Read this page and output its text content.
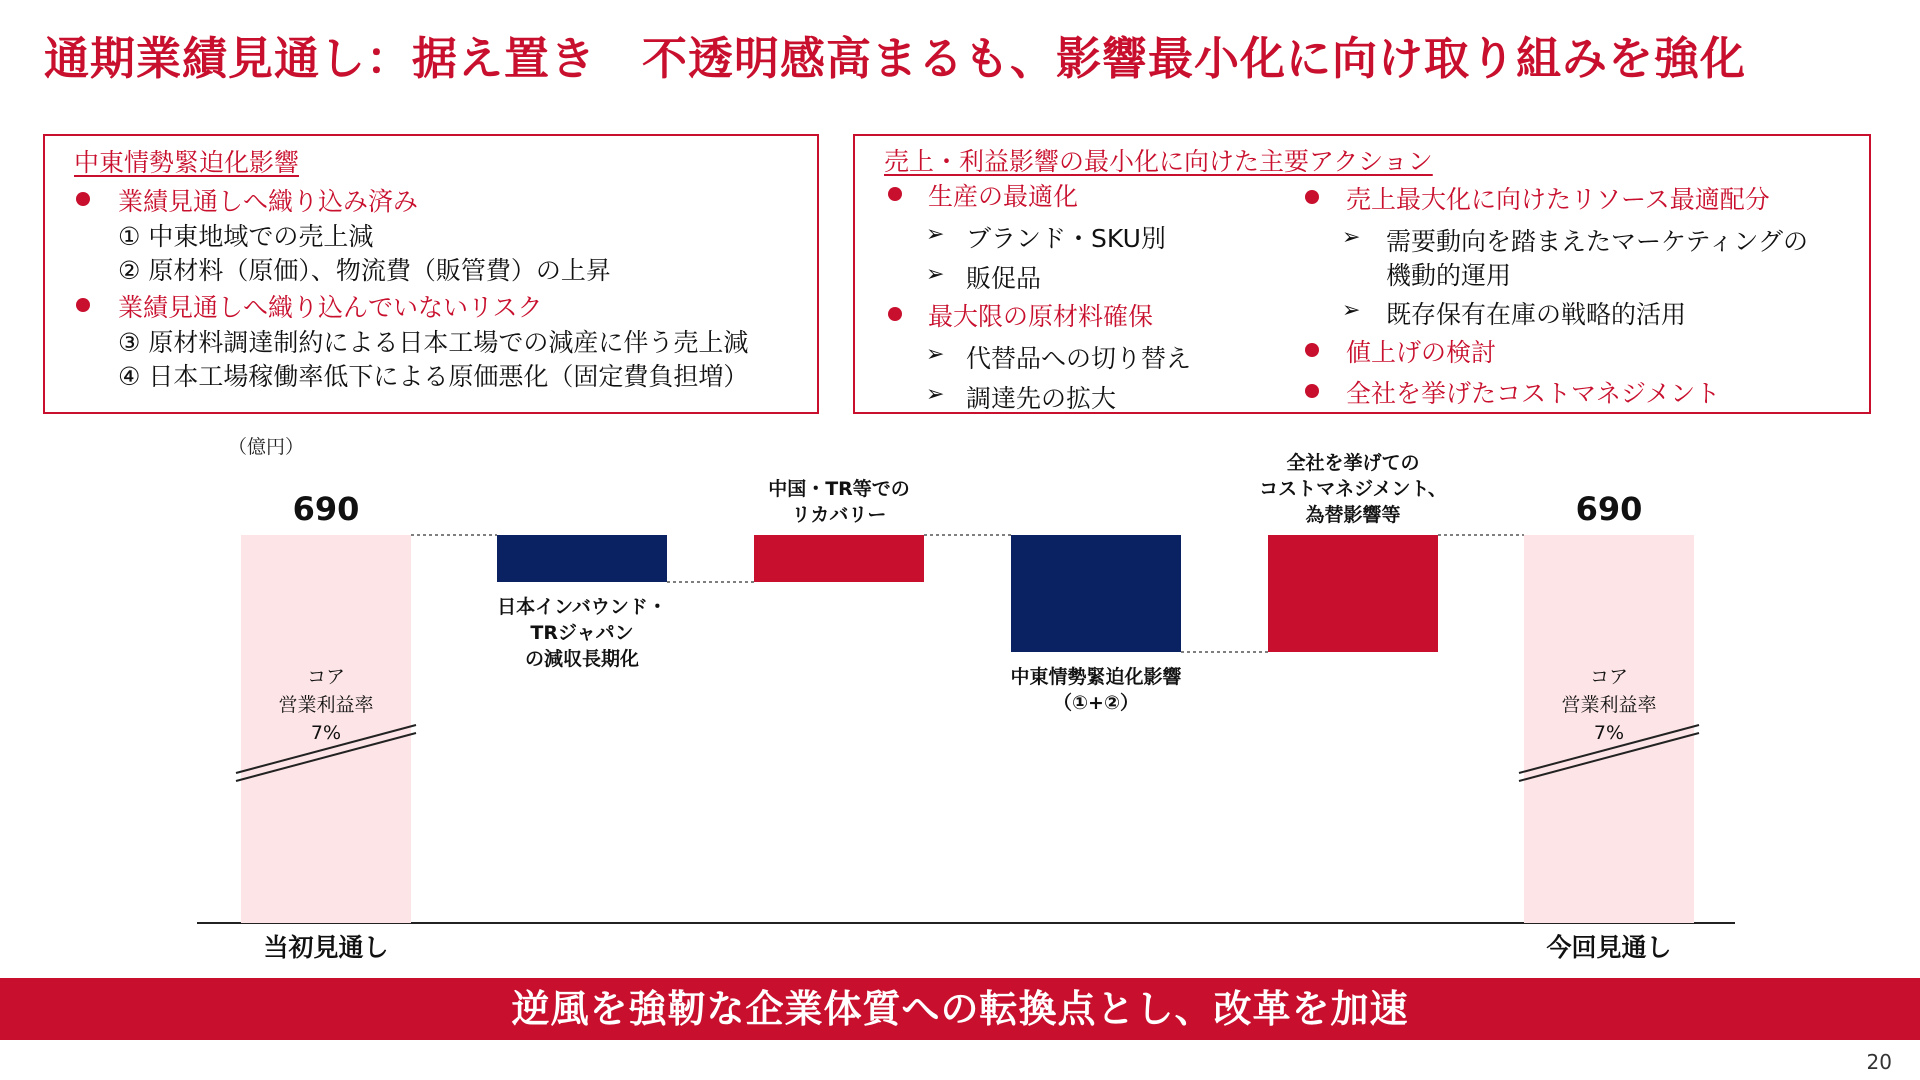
通期業績見通し：据え置き　不透明感高まるも、影響最小化に向け取り組みを強化
中東情勢緊迫化影響
業績見通しへ織り込み済み
① 中東地域での売上減
② 原材料（原価）、物流費（販管費）の上昇
業績見通しへ織り込んでいないリスク
③ 原材料調達制約による日本工場での減産に伴う売上減
④ 日本工場稼働率低下による原価悪化（固定費負担増）
売上・利益影響の最小化に向けた主要アクション
生産の最適化
➢ ブランド・SKU別
➢ 販促品
最大限の原材料確保
➢ 代替品への切り替え
➢ 調達先の拡大
売上最大化に向けたリソース最適配分
➢ 需要動向を踏まえたマーケティングの
機動的運用
➢ 既存保有在庫の戦略的活用
値上げの検討
全社を挙げたコストマネジメント
（億円）
690
コア
営業利益率
7%
当初見通し
日本インバウンド・
TRジャパン
の減収長期化
中国・TR等での
リカバリー
中東情勢緊迫化影響
（①+②）
全社を挙げての
コストマネジメント、
為替影響等	690
コア
営業利益率
7%
今回見通し
逆風を強靭な企業体質への転換点とし、改革を加速
20
